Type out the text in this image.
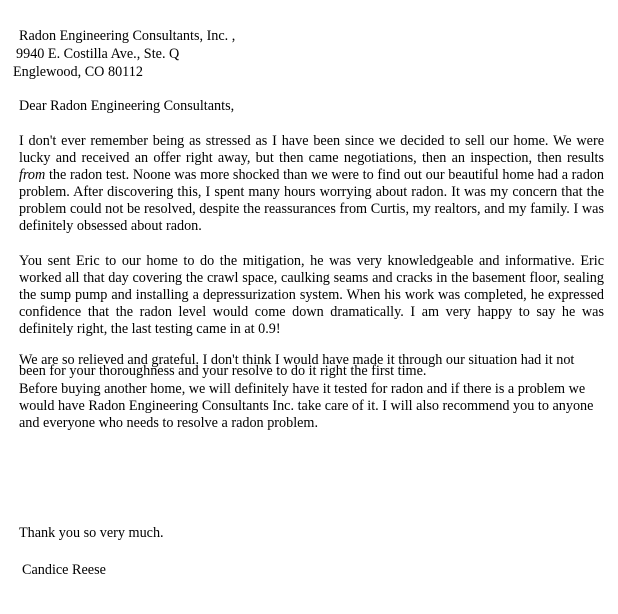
Radon Engineering Consultants, Inc. ,
9940 E. Costilla Ave., Ste. Q
Englewood, CO 80112
Dear Radon Engineering Consultants,

I don't ever remember being as stressed as I have been since we decided to sell our home. We were lucky and received an offer right away, but then came negotiations, then an inspection, then results from the radon test. Noone was more shocked than we were to find out our beautiful home had a radon problem. After discovering this, I spent many hours worrying about radon. It was my concern that the problem could not be resolved, despite the reassurances from Curtis, my realtors, and my family. I was definitely obsessed about radon.

You sent Eric to our home to do the mitigation, he was very knowledgeable and informative. Eric worked all that day covering the crawl space, caulking seams and cracks in the basement floor, sealing the sump pump and installing a depressurization system. When his work was completed, he expressed confidence that the radon level would come down dramatically. I am very happy to say he was definitely right, the last testing came in at 0.9!

We are so relieved and grateful. I don't think I would have made it through our situation had it not been for your thoroughness and your resolve to do it right the first time.
Before buying another home, we will definitely have it tested for radon and if there is a problem we would have Radon Engineering Consultants Inc. take care of it. I will also recommend you to anyone and everyone who needs to resolve a radon problem.
Thank you so very much.
Candice Reese
